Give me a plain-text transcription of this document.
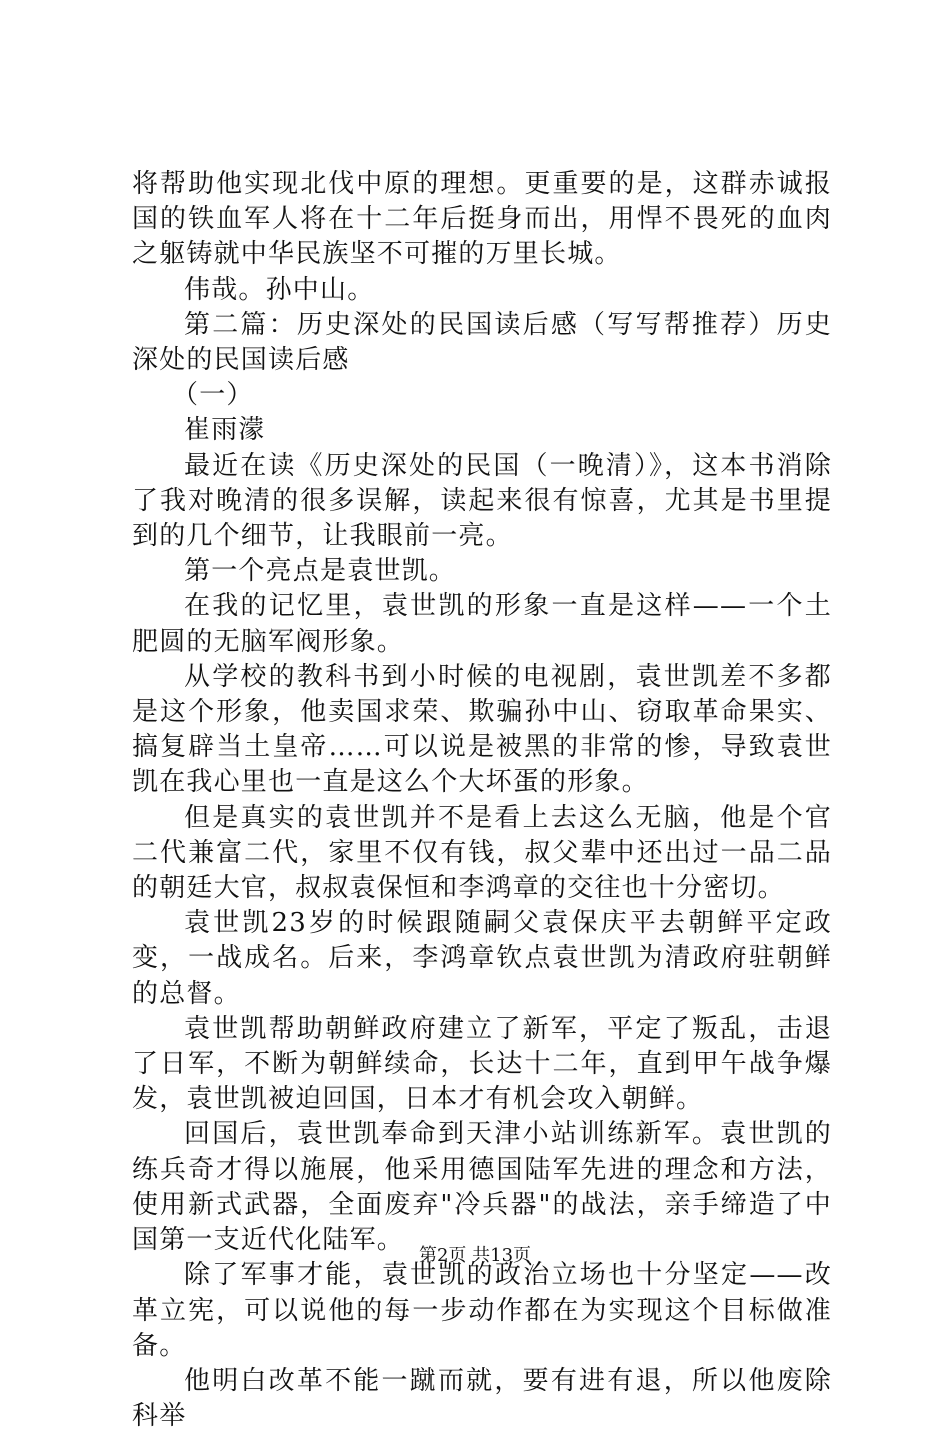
将帮助他实现北伐中原的理想。更重要的是，这群赤诚报国的铁血军人将在十二年后挺身而出，用悍不畏死的血肉之躯铸就中华民族坚不可摧的万里长城。

伟哉。孙中山。

第二篇：历史深处的民国读后感（写写帮推荐）历史深处的民国读后感

（一）

崔雨濛

最近在读《历史深处的民国（一晚清）》，这本书消除了我对晚清的很多误解，读起来很有惊喜，尤其是书里提到的几个细节，让我眼前一亮。

第一个亮点是袁世凯。

在我的记忆里，袁世凯的形象一直是这样——一个土肥圆的无脑军阀形象。

从学校的教科书到小时候的电视剧，袁世凯差不多都是这个形象，他卖国求荣、欺骗孙中山、窃取革命果实、搞复辟当土皇帝……可以说是被黑的非常的惨，导致袁世凯在我心里也一直是这么个大坏蛋的形象。

但是真实的袁世凯并不是看上去这么无脑，他是个官二代兼富二代，家里不仅有钱，叔父辈中还出过一品二品的朝廷大官，叔叔袁保恒和李鸿章的交往也十分密切。

袁世凯23岁的时候跟随嗣父袁保庆平去朝鲜平定政变，一战成名。后来，李鸿章钦点袁世凯为清政府驻朝鲜的总督。

袁世凯帮助朝鲜政府建立了新军，平定了叛乱，击退了日军，不断为朝鲜续命，长达十二年，直到甲午战争爆发，袁世凯被迫回国，日本才有机会攻入朝鲜。

回国后，袁世凯奉命到天津小站训练新军。袁世凯的练兵奇才得以施展，他采用德国陆军先进的理念和方法，使用新式武器，全面废弃"冷兵器"的战法，亲手缔造了中国第一支近代化陆军。

除了军事才能，袁世凯的政治立场也十分坚定——改革立宪，可以说他的每一步动作都在为实现这个目标做准备。

他明白改革不能一蹴而就，要有进有退，所以他废除科举

第2页 共13页
